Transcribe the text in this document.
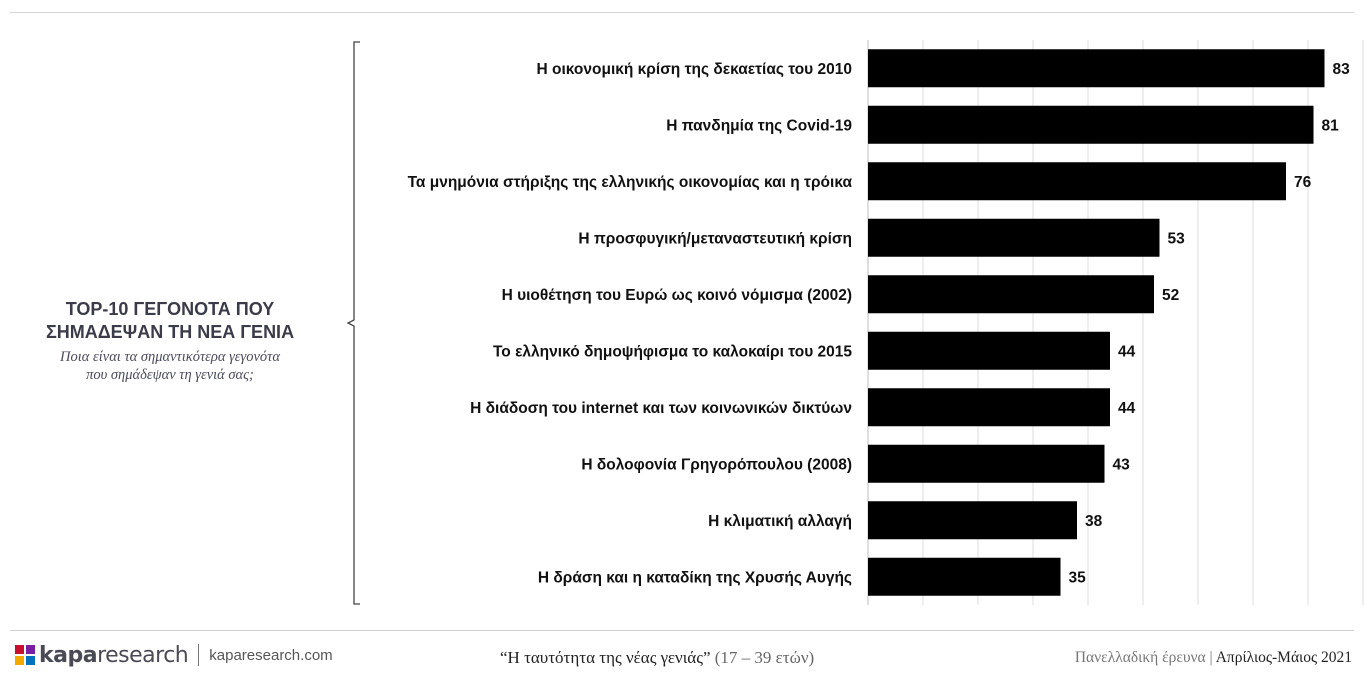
TOP-10 ΓΕΓΟΝΟΤΑ ΠΟΥ
ΣΗΜΑΔΕΨΑΝ ΤΗ ΝΕΑ ΓΕΝΙΑ
Ποια είναι τα σημαντικότερα γεγονότα
που σημάδεψαν τη γενιά σας;
Η οικονομική κρίση της δεκαετίας του 2010	83
Η πανδημία της Covid-19	81
Τα μνημόνια στήριξης της ελληνικής οικονομίας και η τρόικα	76
Η προσφυγική/μεταναστευτική κρίση	53
Η υιοθέτηση του Ευρώ ως κοινό νόμισμα (2002)	52
Το ελληνικό δημοψήφισμα το καλοκαίρι του 2015	44
Η διάδοση του internet και των κοινωνικών δικτύων	44
Η δολοφονία Γρηγορόπουλου (2008)	43
Η κλιματική αλλαγή	38
Η δράση και η καταδίκη της Χρυσής Αυγής	35
kapa research kaparesearch.com	“Η ταυτότητα της νέας γενιάς” (17 – 39 ετών)	Πανελλαδική έρευνα | Απρίλιος-Μάιος 2021
